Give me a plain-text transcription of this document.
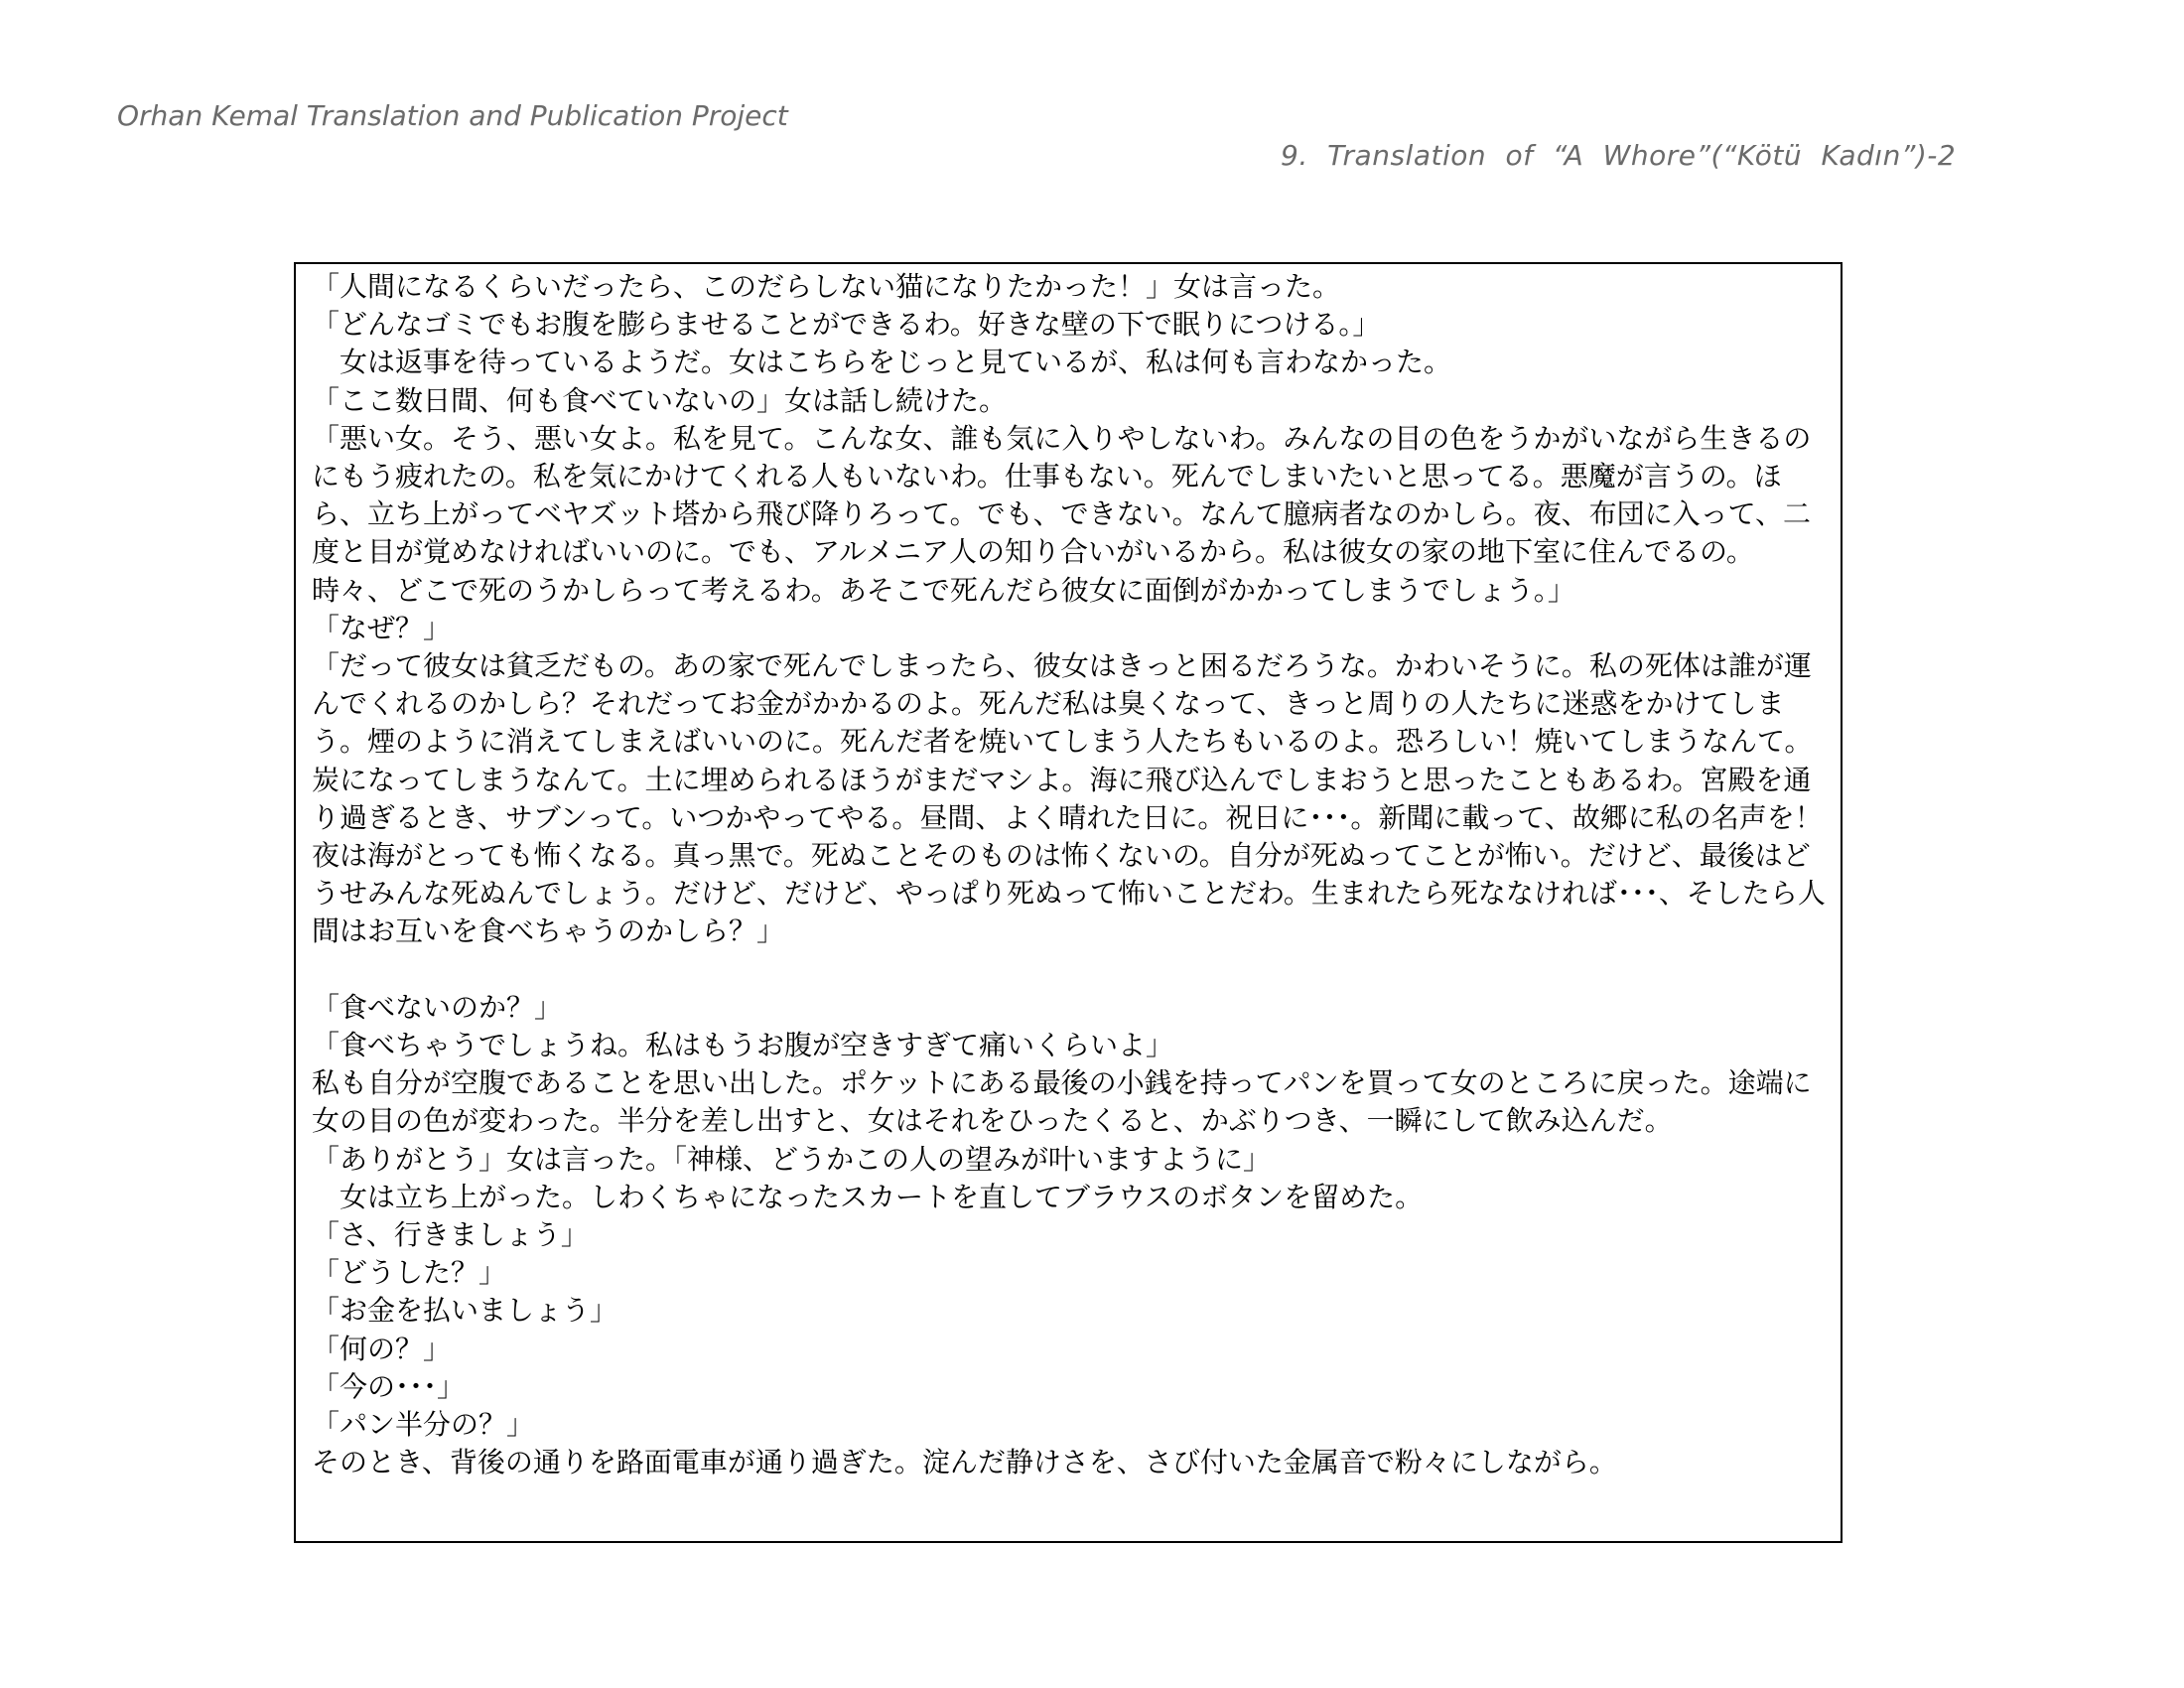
Orhan Kemal Translation and Publication Project
9. Translation of “A Whore”(“Kötü Kadın”)-2

「人間になるくらいだったら、このだらしない猫になりたかった！」女は言った。

「どんなゴミでもお腹を膨らませることができるわ。好きな壁の下で眠りにつける。」

　女は返事を待っているようだ。女はこちらをじっと見ているが、私は何も言わなかった。

「ここ数日間、何も食べていないの」女は話し続けた。

「悪い女。そう、悪い女よ。私を見て。こんな女、誰も気に入りやしないわ。みんなの目の色をうかがいながら生きるのにもう疲れたの。私を気にかけてくれる人もいないわ。仕事もない。死んでしまいたいと思ってる。悪魔が言うの。ほら、立ち上がってベヤズット塔から飛び降りろって。でも、できない。なんて臆病者なのかしら。夜、布団に入って、二度と目が覚めなければいいのに。でも、アルメニア人の知り合いがいるから。私は彼女の家の地下室に住んでるの。時々、どこで死のうかしらって考えるわ。あそこで死んだら彼女に面倒がかかってしまうでしょう。」

「なぜ？」

「だって彼女は貧乏だもの。あの家で死んでしまったら、彼女はきっと困るだろうな。かわいそうに。私の死体は誰が運んでくれるのかしら？それだってお金がかかるのよ。死んだ私は臭くなって、きっと周りの人たちに迷惑をかけてしまう。煙のように消えてしまえばいいのに。死んだ者を焼いてしまう人たちもいるのよ。恐ろしい！焼いてしまうなんて。炭になってしまうなんて。土に埋められるほうがまだマシよ。海に飛び込んでしまおうと思ったこともあるわ。宮殿を通り過ぎるとき、サブンって。いつかやってやる。昼間、よく晴れた日に。祝日に･･･。新聞に載って、故郷に私の名声を！夜は海がとっても怖くなる。真っ黒で。死ぬことそのものは怖くないの。自分が死ぬってことが怖い。だけど、最後はどうせみんな死ぬんでしょう。だけど、だけど、やっぱり死ぬって怖いことだわ。生まれたら死ななければ･･･、そしたら人間はお互いを食べちゃうのかしら？」

「食べないのか？」

「食べちゃうでしょうね。私はもうお腹が空きすぎて痛いくらいよ」

私も自分が空腹であることを思い出した。ポケットにある最後の小銭を持ってパンを買って女のところに戻った。途端に女の目の色が変わった。半分を差し出すと、女はそれをひったくると、かぶりつき、一瞬にして飲み込んだ。

「ありがとう」女は言った。「神様、どうかこの人の望みが叶いますように」

　女は立ち上がった。しわくちゃになったスカートを直してブラウスのボタンを留めた。

「さ、行きましょう」

「どうした？」

「お金を払いましょう」

「何の？」

「今の･･･」

「パン半分の？」

そのとき、背後の通りを路面電車が通り過ぎた。淀んだ静けさを、さび付いた金属音で粉々にしながら。
